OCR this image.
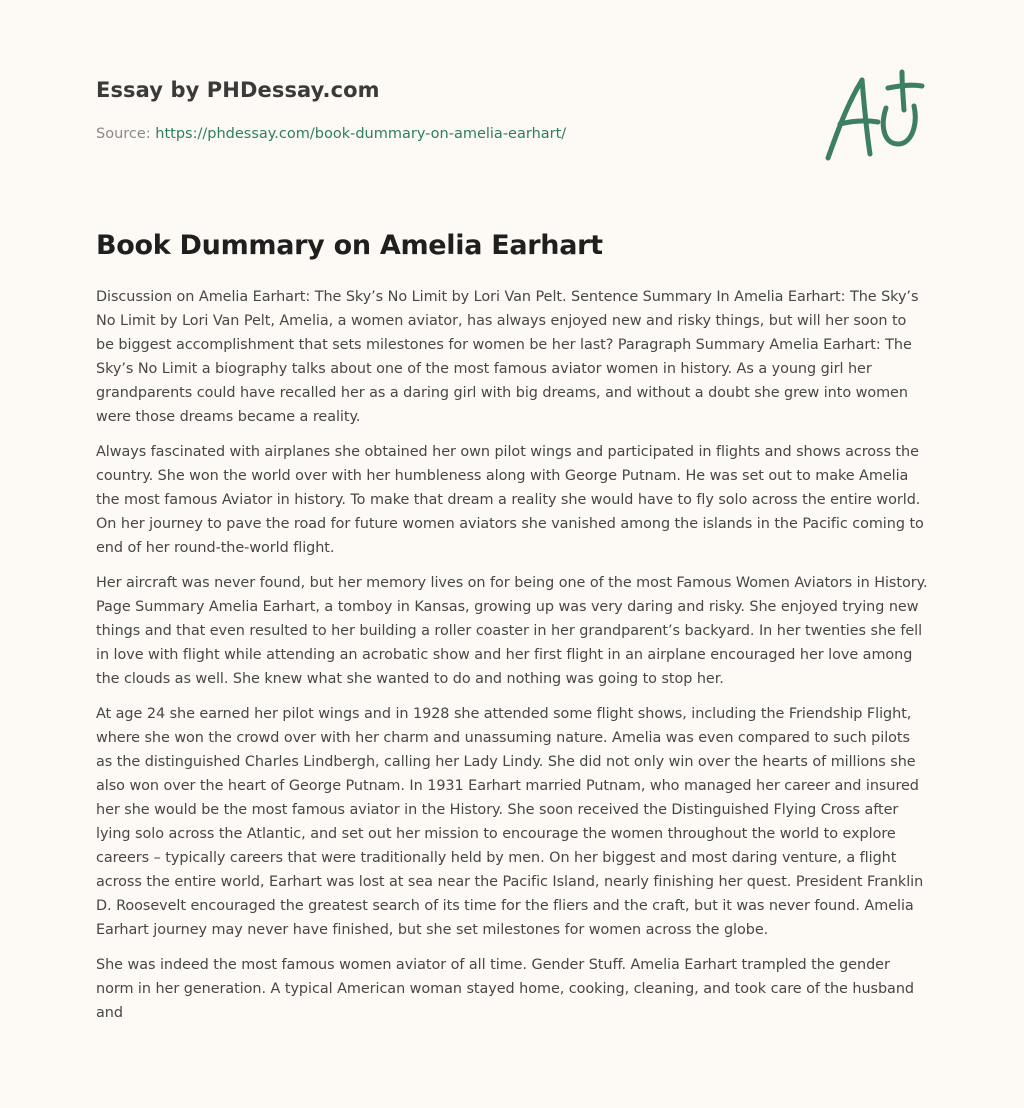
Essay by PHDessay.com
Source: https://phdessay.com/book-dummary-on-amelia-earhart/
Book Dummary on Amelia Earhart

Discussion on Amelia Earhart: The Sky’s No Limit by Lori Van Pelt. Sentence Summary In Amelia Earhart: The Sky’s No Limit by Lori Van Pelt, Amelia, a women aviator, has always enjoyed new and risky things, but will her soon to be biggest accomplishment that sets milestones for women be her last? Paragraph Summary Amelia Earhart: The Sky’s No Limit a biography talks about one of the most famous aviator women in history. As a young girl her grandparents could have recalled her as a daring girl with big dreams, and without a doubt she grew into women were those dreams became a reality.

Always fascinated with airplanes she obtained her own pilot wings and participated in flights and shows across the country. She won the world over with her humbleness along with George Putnam. He was set out to make Amelia the most famous Aviator in history. To make that dream a reality she would have to fly solo across the entire world. On her journey to pave the road for future women aviators she vanished among the islands in the Pacific coming to end of her round-the-world flight.

Her aircraft was never found, but her memory lives on for being one of the most Famous Women Aviators in History. Page Summary Amelia Earhart, a tomboy in Kansas, growing up was very daring and risky. She enjoyed trying new things and that even resulted to her building a roller coaster in her grandparent’s backyard. In her twenties she fell in love with flight while attending an acrobatic show and her first flight in an airplane encouraged her love among the clouds as well. She knew what she wanted to do and nothing was going to stop her.

At age 24 she earned her pilot wings and in 1928 she attended some flight shows, including the Friendship Flight, where she won the crowd over with her charm and unassuming nature. Amelia was even compared to such pilots as the distinguished Charles Lindbergh, calling her Lady Lindy. She did not only win over the hearts of millions she also won over the heart of George Putnam. In 1931 Earhart married Putnam, who managed her career and insured her she would be the most famous aviator in the History. She soon received the Distinguished Flying Cross after lying solo across the Atlantic, and set out her mission to encourage the women throughout the world to explore careers – typically careers that were traditionally held by men. On her biggest and most daring venture, a flight across the entire world, Earhart was lost at sea near the Pacific Island, nearly finishing her quest. President Franklin D. Roosevelt encouraged the greatest search of its time for the fliers and the craft, but it was never found. Amelia Earhart journey may never have finished, but she set milestones for women across the globe.

She was indeed the most famous women aviator of all time. Gender Stuff. Amelia Earhart trampled the gender norm in her generation. A typical American woman stayed home, cooking, cleaning, and took care of the husband and
